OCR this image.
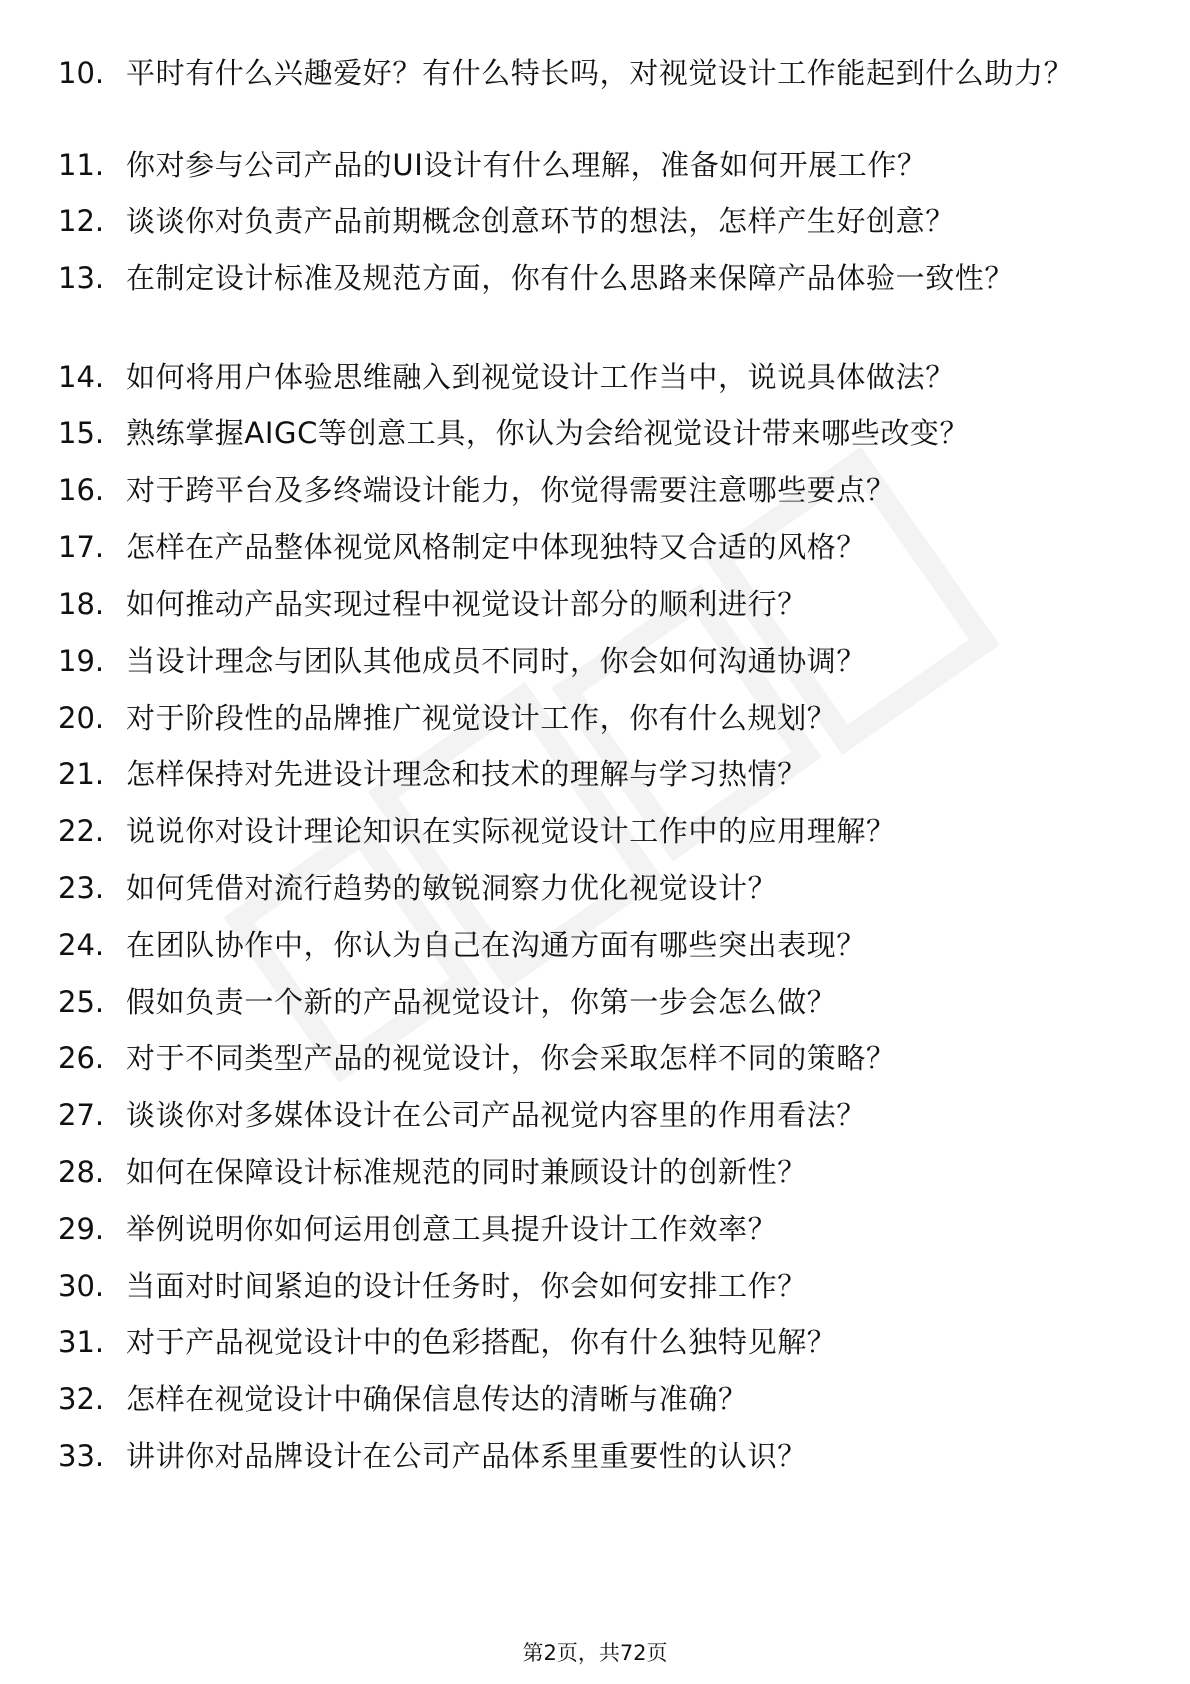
10. 平时有什么兴趣爱好？有什么特长吗，对视觉设计工作能起到什么助力？
11. 你对参与公司产品的UI设计有什么理解，准备如何开展工作？
12. 谈谈你对负责产品前期概念创意环节的想法，怎样产生好创意？
13. 在制定设计标准及规范方面，你有什么思路来保障产品体验一致性？
14. 如何将用户体验思维融入到视觉设计工作当中，说说具体做法？
15. 熟练掌握AIGC等创意工具，你认为会给视觉设计带来哪些改变？
16. 对于跨平台及多终端设计能力，你觉得需要注意哪些要点？
17. 怎样在产品整体视觉风格制定中体现独特又合适的风格？
18. 如何推动产品实现过程中视觉设计部分的顺利进行？
19. 当设计理念与团队其他成员不同时，你会如何沟通协调？
20. 对于阶段性的品牌推广视觉设计工作，你有什么规划？
21. 怎样保持对先进设计理念和技术的理解与学习热情？
22. 说说你对设计理论知识在实际视觉设计工作中的应用理解？
23. 如何凭借对流行趋势的敏锐洞察力优化视觉设计？
24. 在团队协作中，你认为自己在沟通方面有哪些突出表现？
25. 假如负责一个新的产品视觉设计，你第一步会怎么做？
26. 对于不同类型产品的视觉设计，你会采取怎样不同的策略？
27. 谈谈你对多媒体设计在公司产品视觉内容里的作用看法？
28. 如何在保障设计标准规范的同时兼顾设计的创新性？
29. 举例说明你如何运用创意工具提升设计工作效率？
30. 当面对时间紧迫的设计任务时，你会如何安排工作？
31. 对于产品视觉设计中的色彩搭配，你有什么独特见解？
32. 怎样在视觉设计中确保信息传达的清晰与准确？
33. 讲讲你对品牌设计在公司产品体系里重要性的认识？
第2页，共72页
